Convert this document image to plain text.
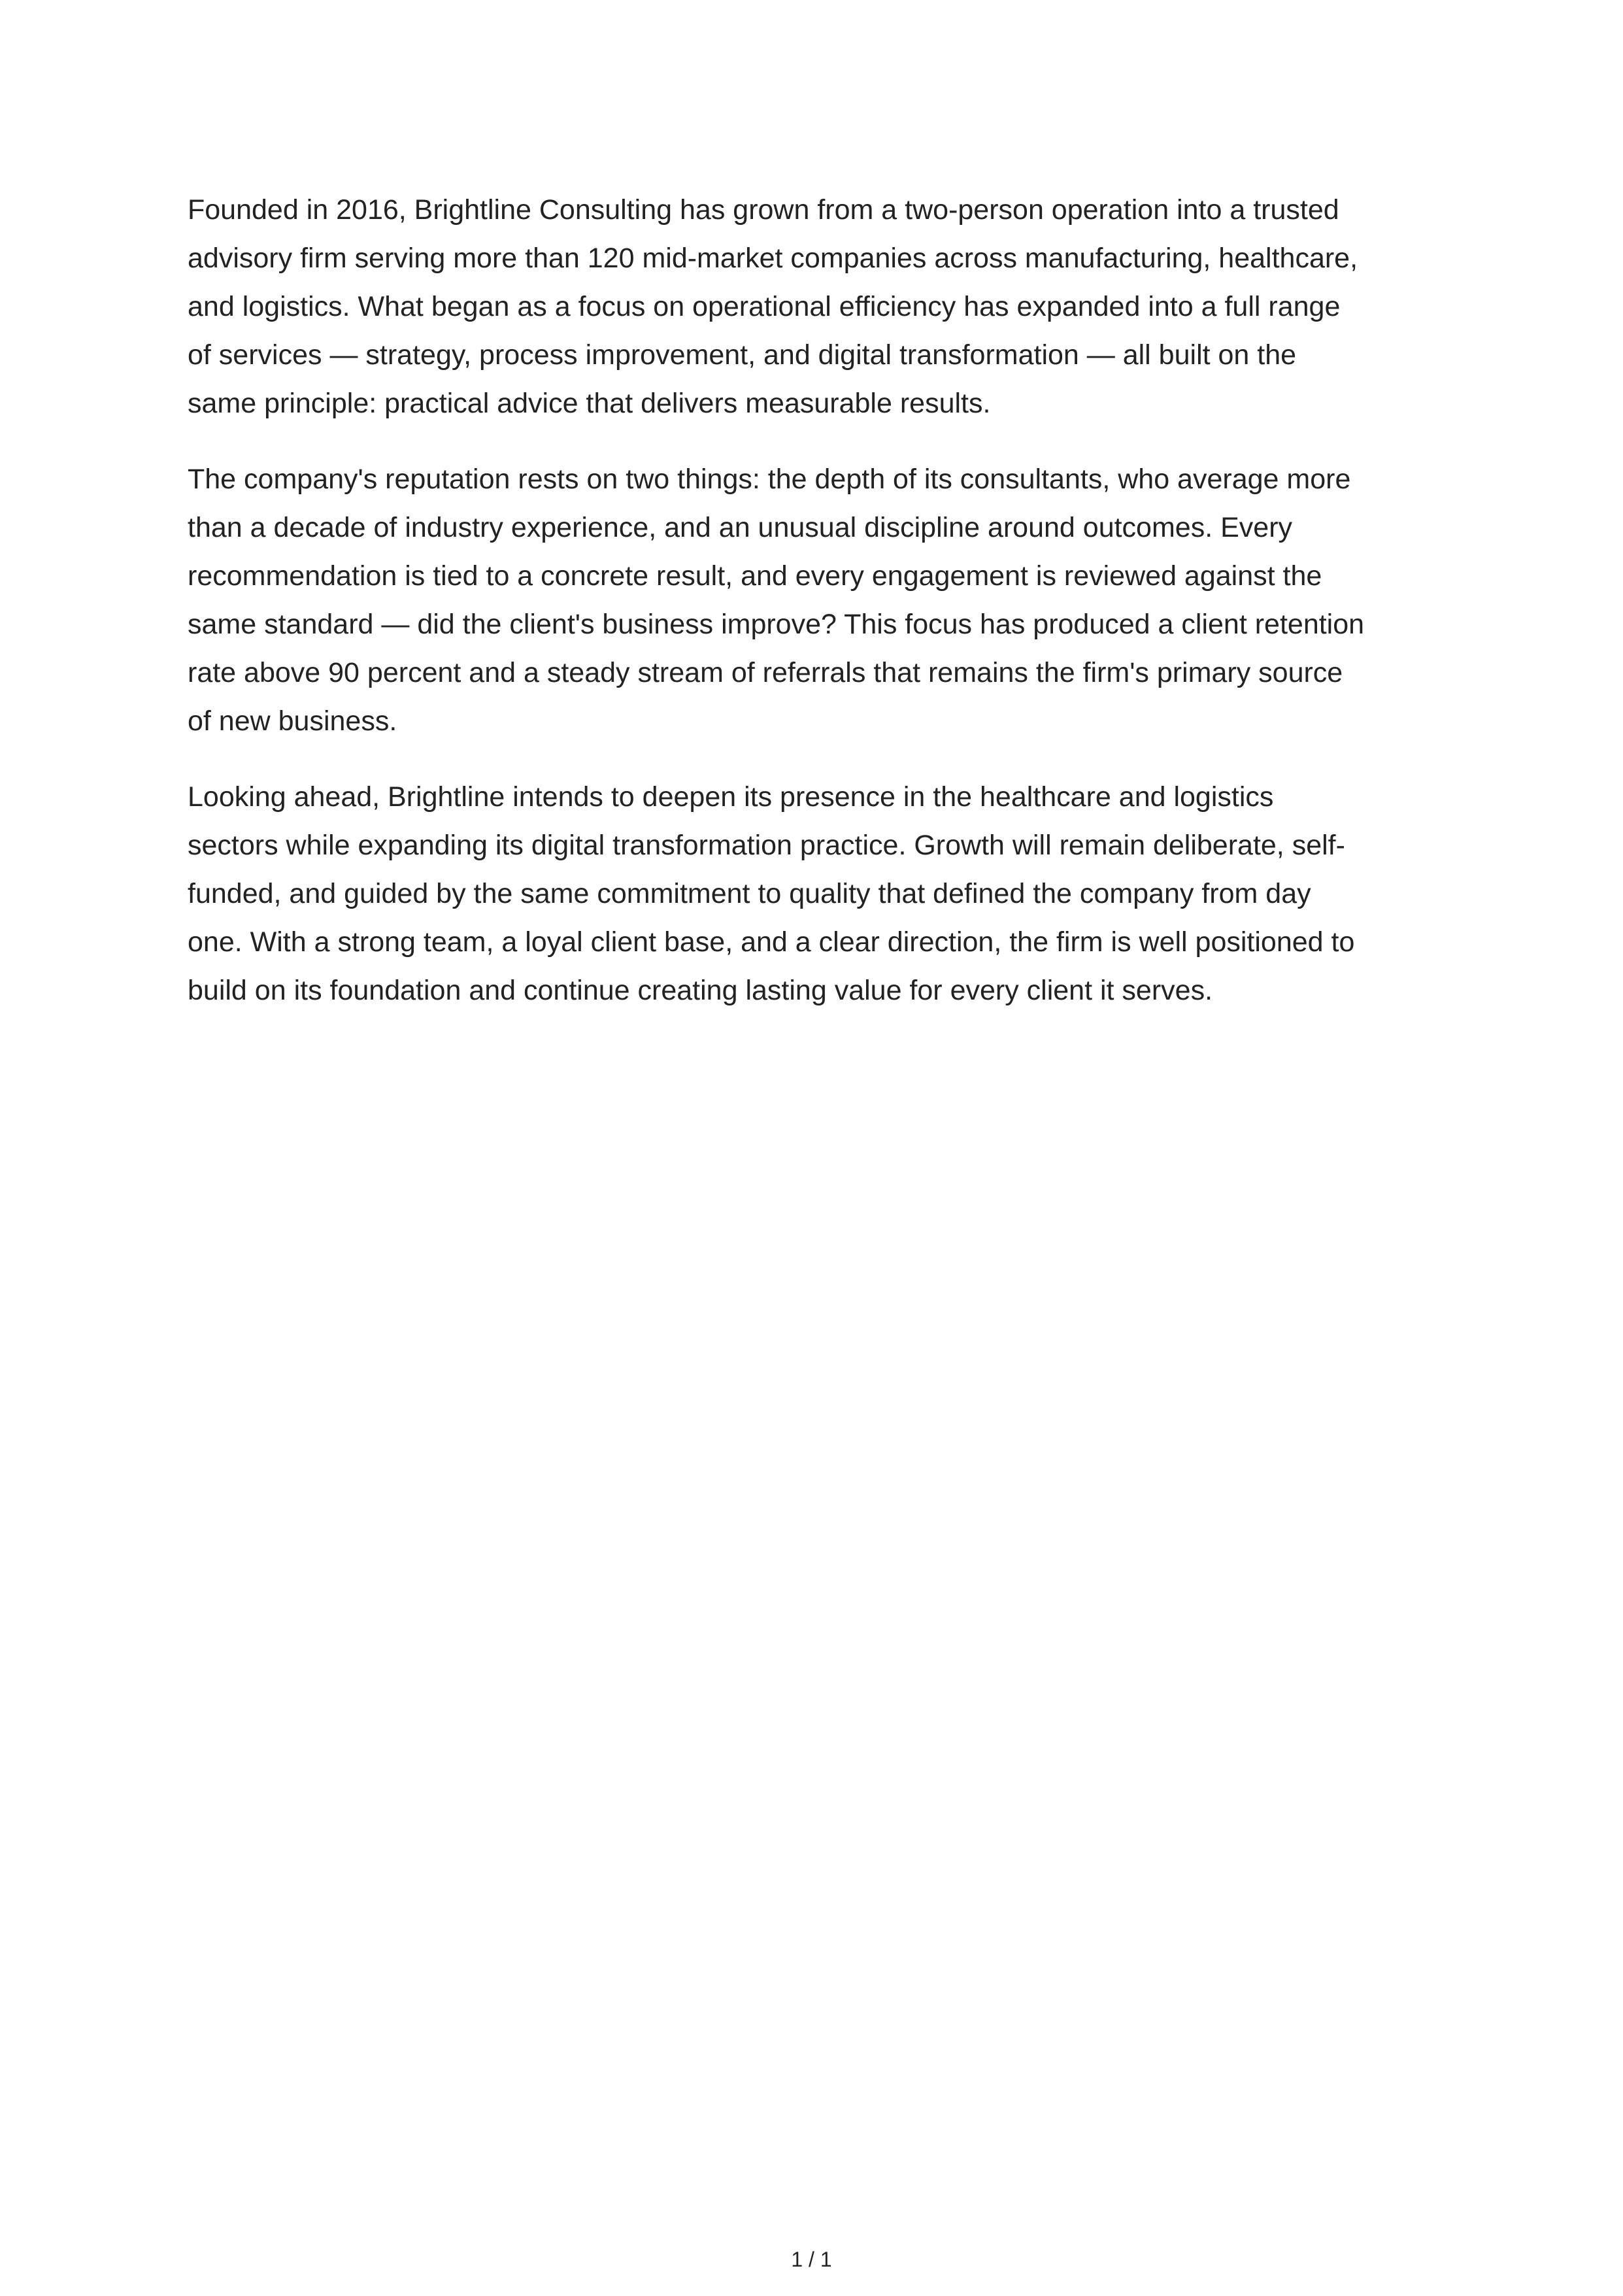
Founded in 2016, Brightline Consulting has grown from a two-person operation into a trusted advisory firm serving more than 120 mid-market companies across manufacturing, healthcare, and logistics. What began as a focus on operational efficiency has expanded into a full range of services — strategy, process improvement, and digital transformation — all built on the same principle: practical advice that delivers measurable results.

The company's reputation rests on two things: the depth of its consultants, who average more than a decade of industry experience, and an unusual discipline around outcomes. Every recommendation is tied to a concrete result, and every engagement is reviewed against the same standard — did the client's business improve? This focus has produced a client retention rate above 90 percent and a steady stream of referrals that remains the firm's primary source of new business.

Looking ahead, Brightline intends to deepen its presence in the healthcare and logistics sectors while expanding its digital transformation practice. Growth will remain deliberate, self-funded, and guided by the same commitment to quality that defined the company from day one. With a strong team, a loyal client base, and a clear direction, the firm is well positioned to build on its foundation and continue creating lasting value for every client it serves.

1 / 1
